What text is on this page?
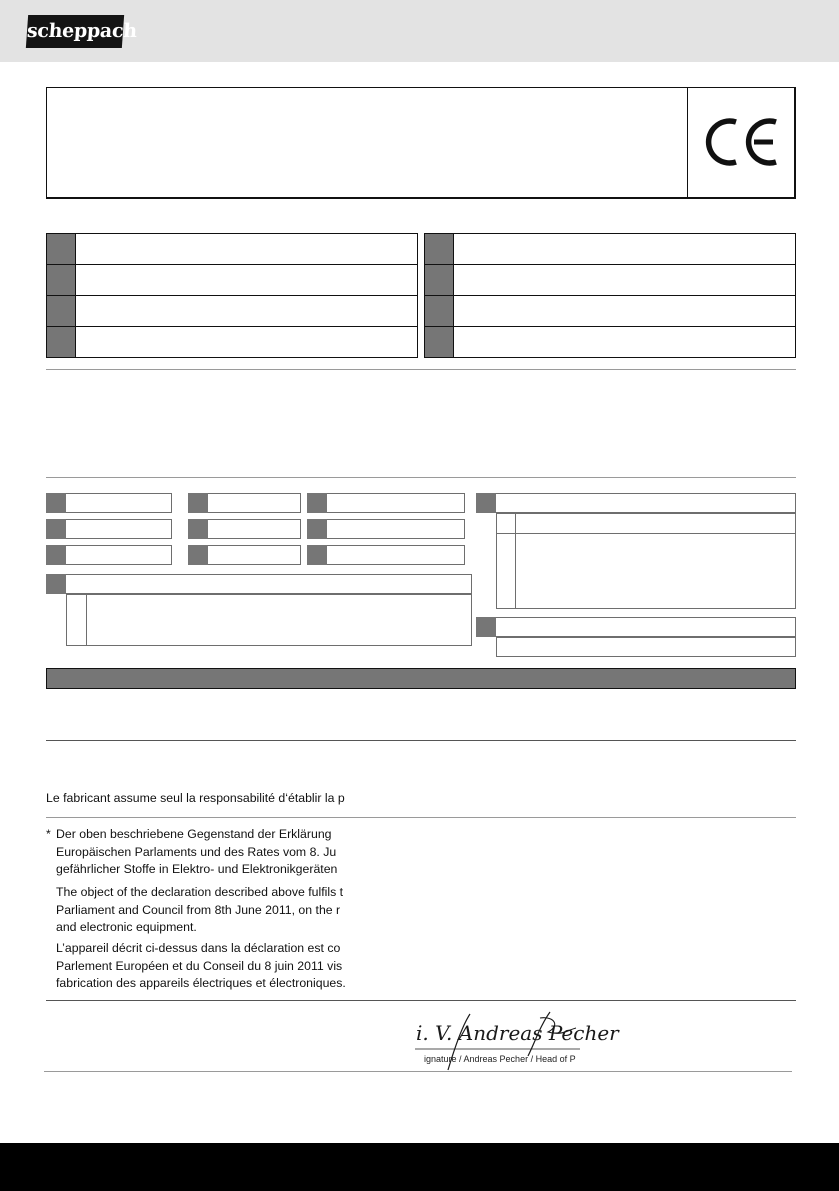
scheppach
Le fabricant assume seul la responsabilité d‘établir la p
* Der oben beschriebene Gegenstand der Erklärung
Europäischen Parlaments und des Rates vom 8. Ju
gefährlicher Stoffe in Elektro- und Elektronikgeräten
The object of the declaration described above fulfils t
Parliament and Council from 8th June 2011, on the r
and electronic equipment.
L’appareil décrit ci-dessus dans la déclaration est co
Parlement Européen et du Conseil du 8 juin 2011 vis
fabrication des appareils électriques et électroniques.
i. V. Andreas Pecher
ignature / Andreas Pecher / Head of P
